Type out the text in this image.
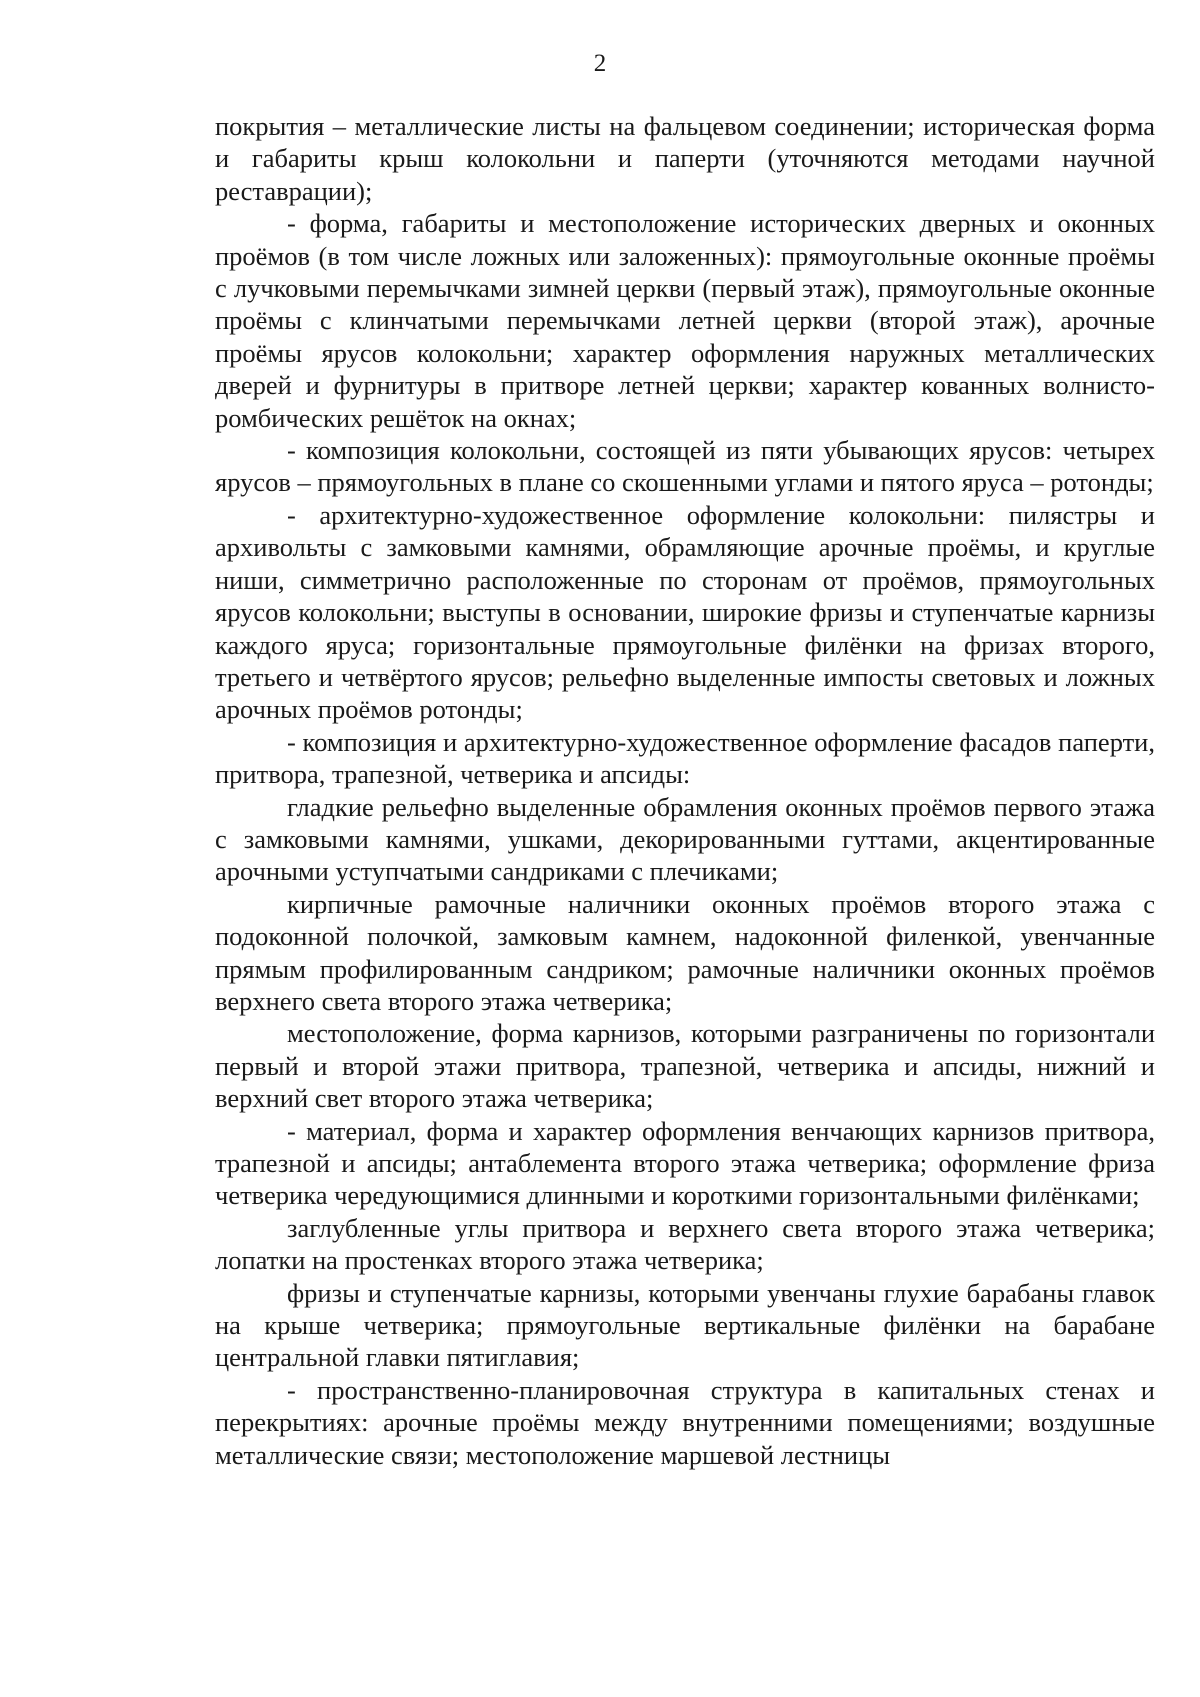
2

покрытия – металлические листы на фальцевом соединении; историческая форма и габариты крыш колокольни и паперти (уточняются методами научной реставрации);

- форма, габариты и местоположение исторических дверных и оконных проёмов (в том числе ложных или заложенных): прямоугольные оконные проёмы с лучковыми перемычками зимней церкви (первый этаж), прямоугольные оконные проёмы с клинчатыми перемычками летней церкви (второй этаж), арочные проёмы ярусов колокольни; характер оформления наружных металлических дверей и фурнитуры в притворе летней церкви; характер кованных волнисто-ромбических решёток на окнах;

- композиция колокольни, состоящей из пяти убывающих ярусов: четырех ярусов – прямоугольных в плане со скошенными углами и пятого яруса – ротонды;

- архитектурно-художественное оформление колокольни: пилястры и архивольты с замковыми камнями, обрамляющие арочные проёмы, и круглые ниши, симметрично расположенные по сторонам от проёмов, прямоугольных ярусов колокольни; выступы в основании, широкие фризы и ступенчатые карнизы каждого яруса; горизонтальные прямоугольные филёнки на фризах второго, третьего и четвёртого ярусов; рельефно выделенные импосты световых и ложных арочных проёмов ротонды;

- композиция и архитектурно-художественное оформление фасадов паперти, притвора, трапезной, четверика и апсиды:

гладкие рельефно выделенные обрамления оконных проёмов первого этажа с замковыми камнями, ушками, декорированными гуттами, акцентированные арочными уступчатыми сандриками с плечиками;

кирпичные рамочные наличники оконных проёмов второго этажа с подоконной полочкой, замковым камнем, надоконной филенкой, увенчанные прямым профилированным сандриком; рамочные наличники оконных проёмов верхнего света второго этажа четверика;

местоположение, форма карнизов, которыми разграничены по горизонтали первый и второй этажи притвора, трапезной, четверика и апсиды, нижний и верхний свет второго этажа четверика;

- материал, форма и характер оформления венчающих карнизов притвора, трапезной и апсиды; антаблемента второго этажа четверика; оформление фриза четверика чередующимися длинными и короткими горизонтальными филёнками;

заглубленные углы притвора и верхнего света второго этажа четверика; лопатки на простенках второго этажа четверика;

фризы и ступенчатые карнизы, которыми увенчаны глухие барабаны главок на крыше четверика; прямоугольные вертикальные филёнки на барабане центральной главки пятиглавия;

- пространственно-планировочная структура в капитальных стенах и перекрытиях: арочные проёмы между внутренними помещениями; воздушные металлические связи; местоположение маршевой лестницы
